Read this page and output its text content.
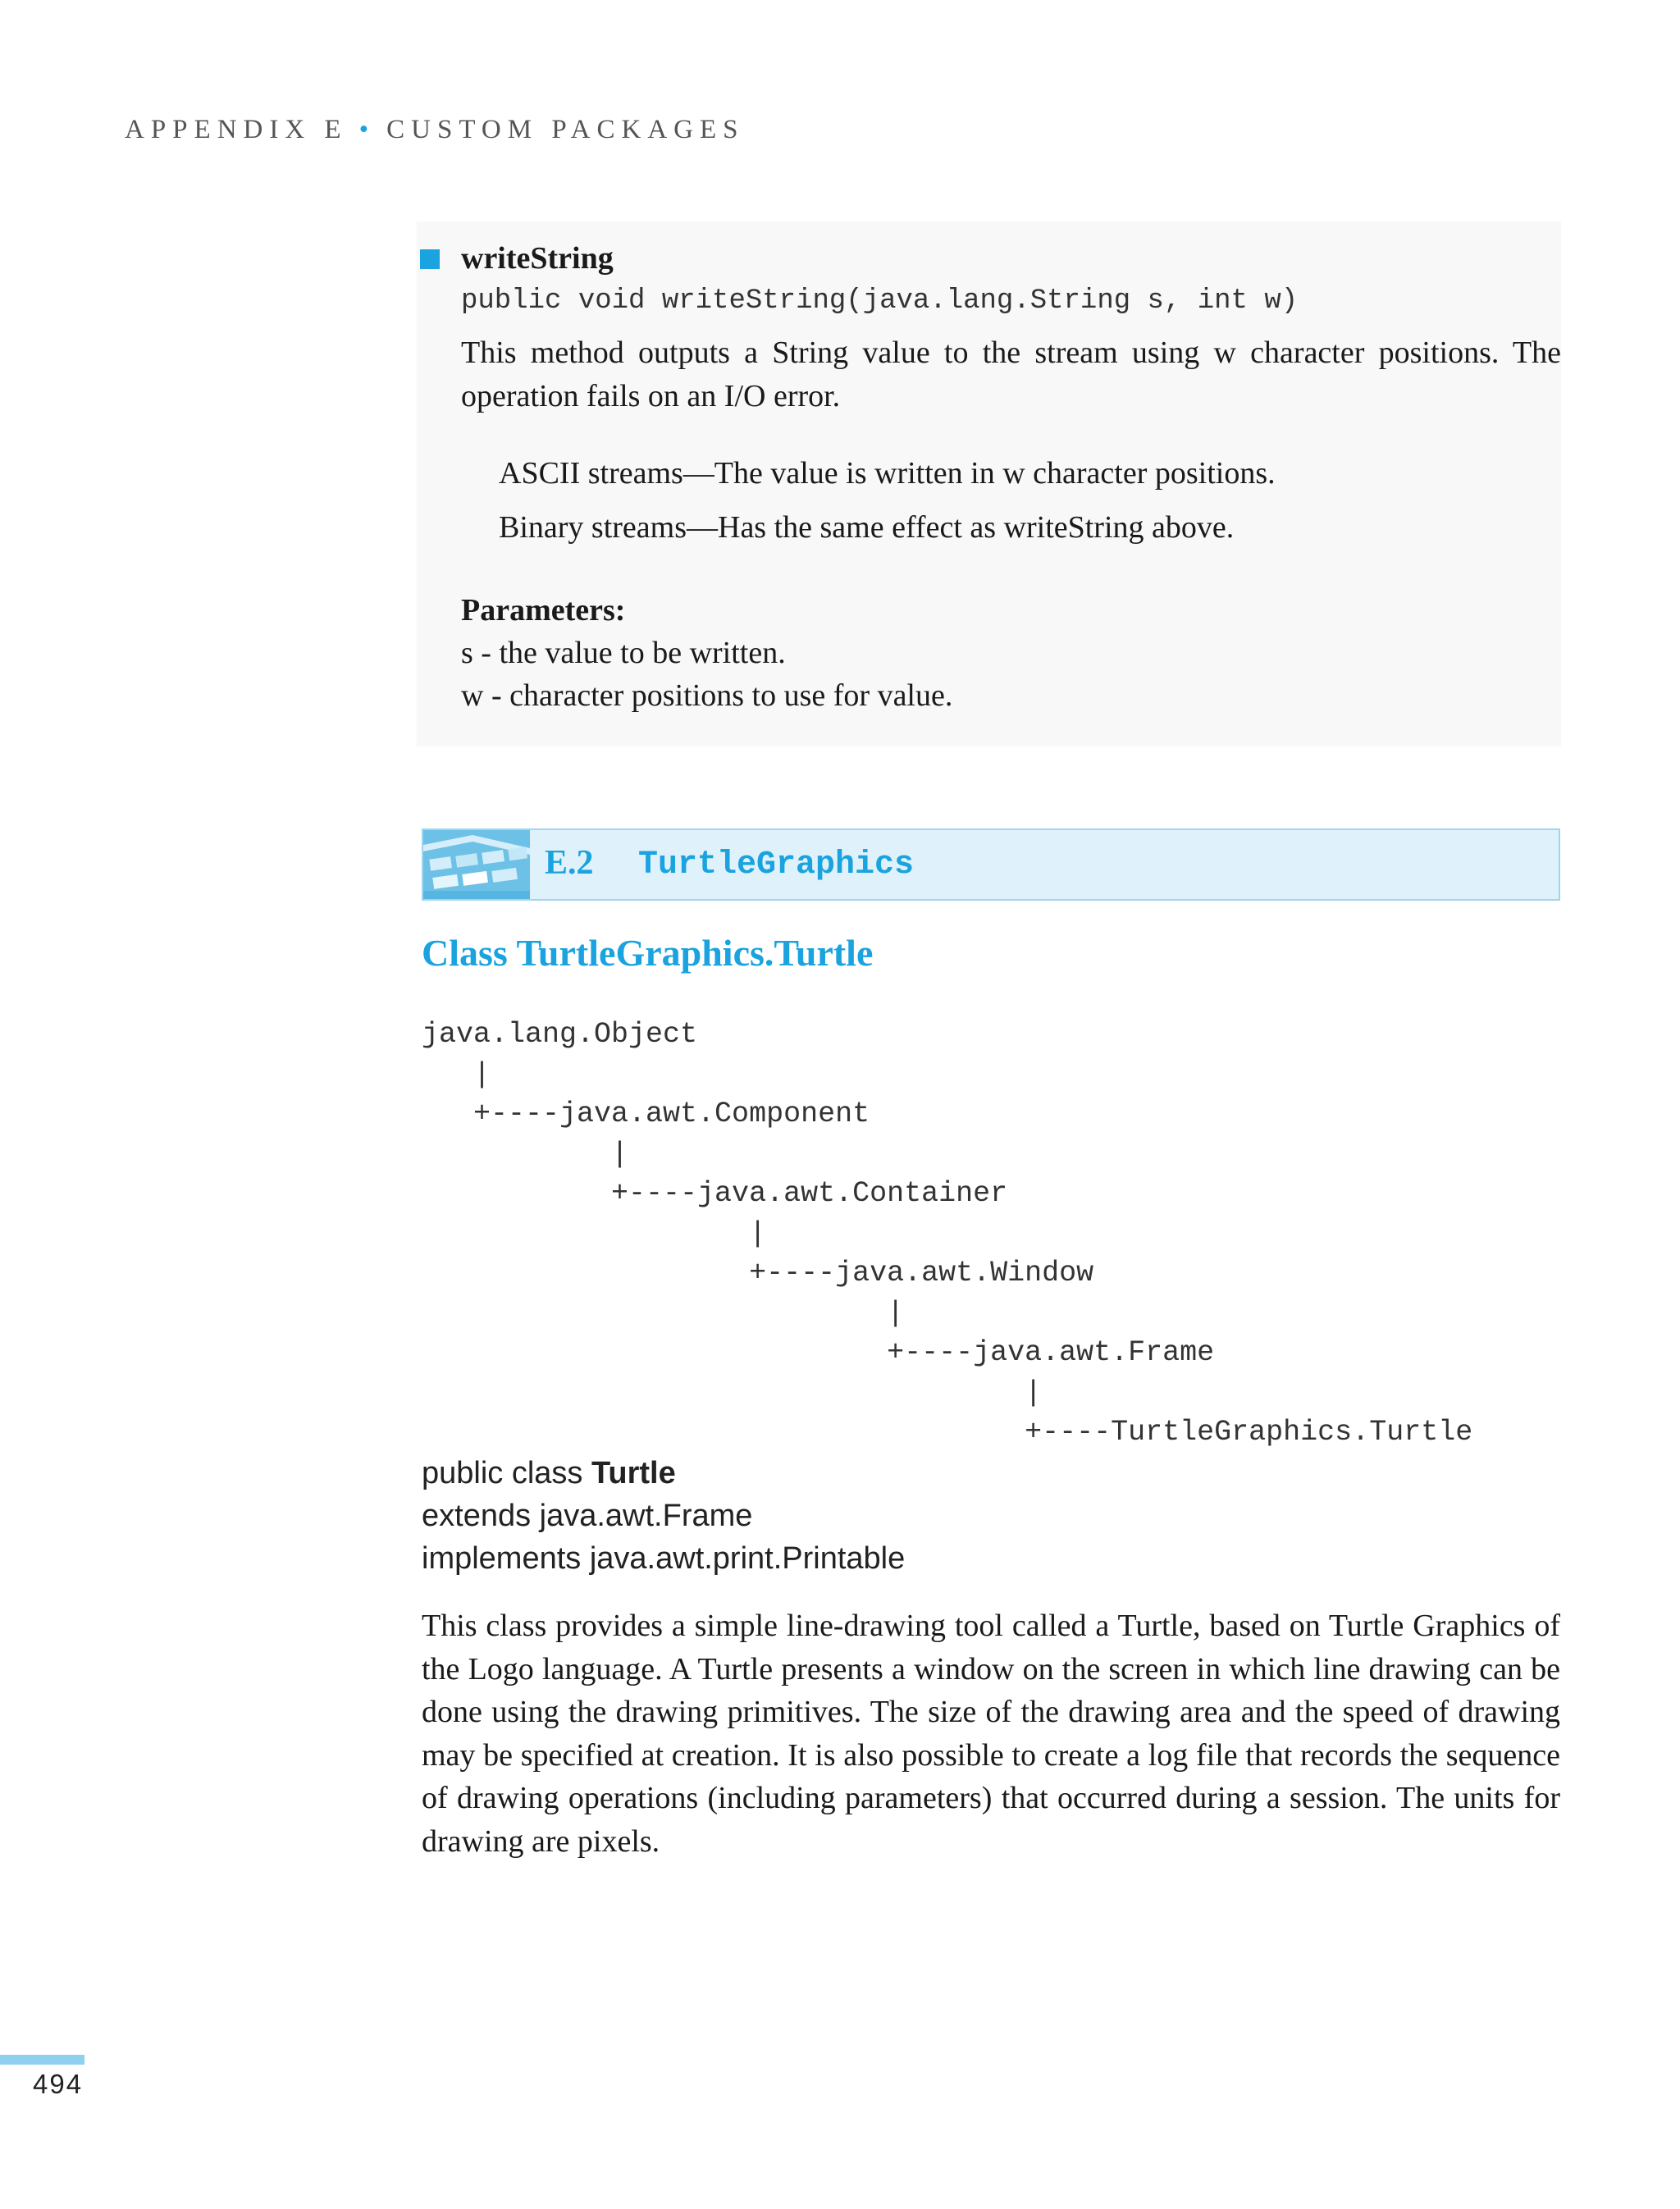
APPENDIX E • CUSTOM PACKAGES
writeString
public void writeString(java.lang.String s, int w)
This method outputs a String value to the stream using w character positions. The operation fails on an I/O error.
ASCII streams—The value is written in w character positions.
Binary streams—Has the same effect as writeString above.
Parameters:
s - the value to be written.
w - character positions to use for value.
E.2 TurtleGraphics
Class TurtleGraphics.Turtle
java.lang.Object
|
+----java.awt.Component
|
+----java.awt.Container
|
+----java.awt.Window
|
+----java.awt.Frame
|
+----TurtleGraphics.Turtle
public class Turtle
extends java.awt.Frame
implements java.awt.print.Printable
This class provides a simple line-drawing tool called a Turtle, based on Turtle Graphics of the Logo language. A Turtle presents a window on the screen in which line drawing can be done using the drawing primitives. The size of the drawing area and the speed of drawing may be specified at creation. It is also possible to create a log file that records the sequence of drawing operations (including parameters) that occurred during a session. The units for drawing are pixels.
494
